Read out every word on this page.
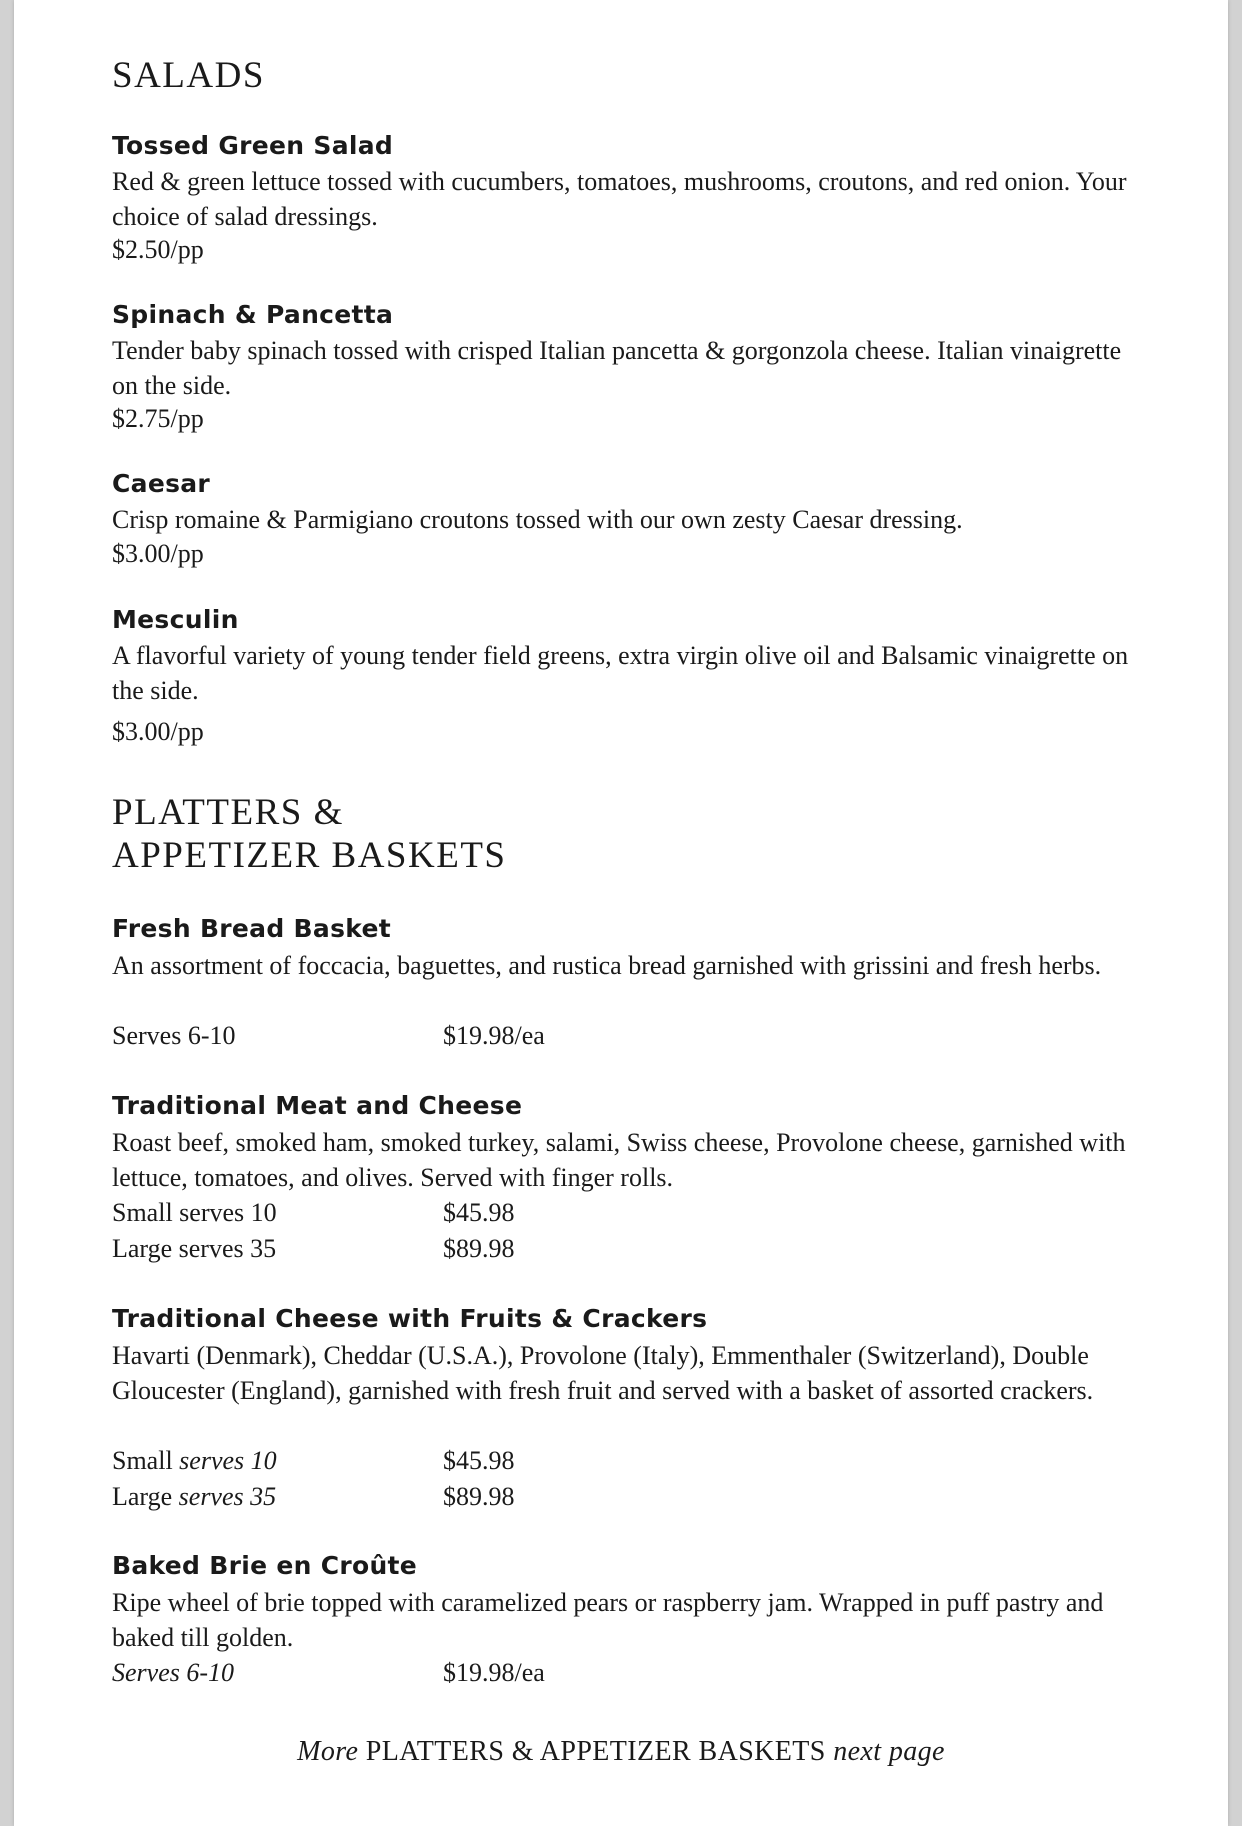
SALADS
Tossed Green Salad

Red & green lettuce tossed with cucumbers, tomatoes, mushrooms, croutons, and red onion. Your choice of salad dressings.

$2.50/pp
Spinach & Pancetta

Tender baby spinach tossed with crisped Italian pancetta & gorgonzola cheese. Italian vinaigrette on the side.

$2.75/pp
Caesar

Crisp romaine & Parmigiano croutons tossed with our own zesty Caesar dressing.

$3.00/pp
Mesculin

A flavorful variety of young tender field greens, extra virgin olive oil and Balsamic vinaigrette on the side.

$3.00/pp
PLATTERS &
APPETIZER BASKETS
Fresh Bread Basket

An assortment of foccacia, baguettes, and rustica bread garnished with grissini and fresh herbs.

Serves 6-10	$19.98/ea
Traditional Meat and Cheese

Roast beef, smoked ham, smoked turkey, salami, Swiss cheese, Provolone cheese, garnished with lettuce, tomatoes, and olives. Served with finger rolls.

Small serves 10	$45.98
Large serves 35	$89.98
Traditional Cheese with Fruits & Crackers

Havarti (Denmark), Cheddar (U.S.A.), Provolone (Italy), Emmenthaler (Switzerland), Double Gloucester (England), garnished with fresh fruit and served with a basket of assorted crackers.

Small serves 10	$45.98
Large serves 35	$89.98
Baked Brie en Croûte

Ripe wheel of brie topped with caramelized pears or raspberry jam. Wrapped in puff pastry and baked till golden.

Serves 6-10	$19.98/ea
More PLATTERS & APPETIZER BASKETS next page
